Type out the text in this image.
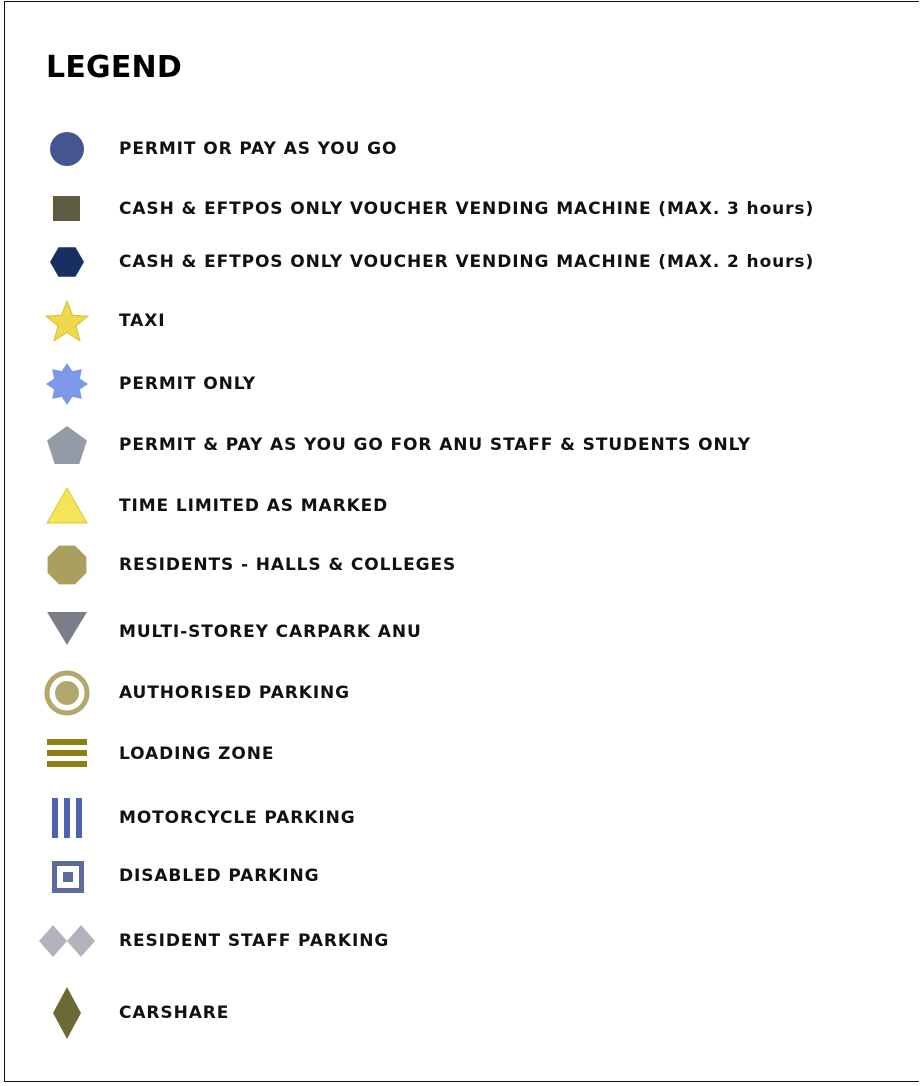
LEGEND
PERMIT OR PAY AS YOU GO
CASH & EFTPOS ONLY VOUCHER VENDING MACHINE (MAX. 3 hours)
CASH & EFTPOS ONLY VOUCHER VENDING MACHINE (MAX. 2 hours)
TAXI
PERMIT ONLY
PERMIT & PAY AS YOU GO FOR ANU STAFF & STUDENTS ONLY
TIME LIMITED AS MARKED
RESIDENTS - HALLS & COLLEGES
MULTI-STOREY CARPARK ANU
AUTHORISED PARKING
LOADING ZONE
MOTORCYCLE PARKING
DISABLED PARKING
RESIDENT STAFF PARKING
CARSHARE
